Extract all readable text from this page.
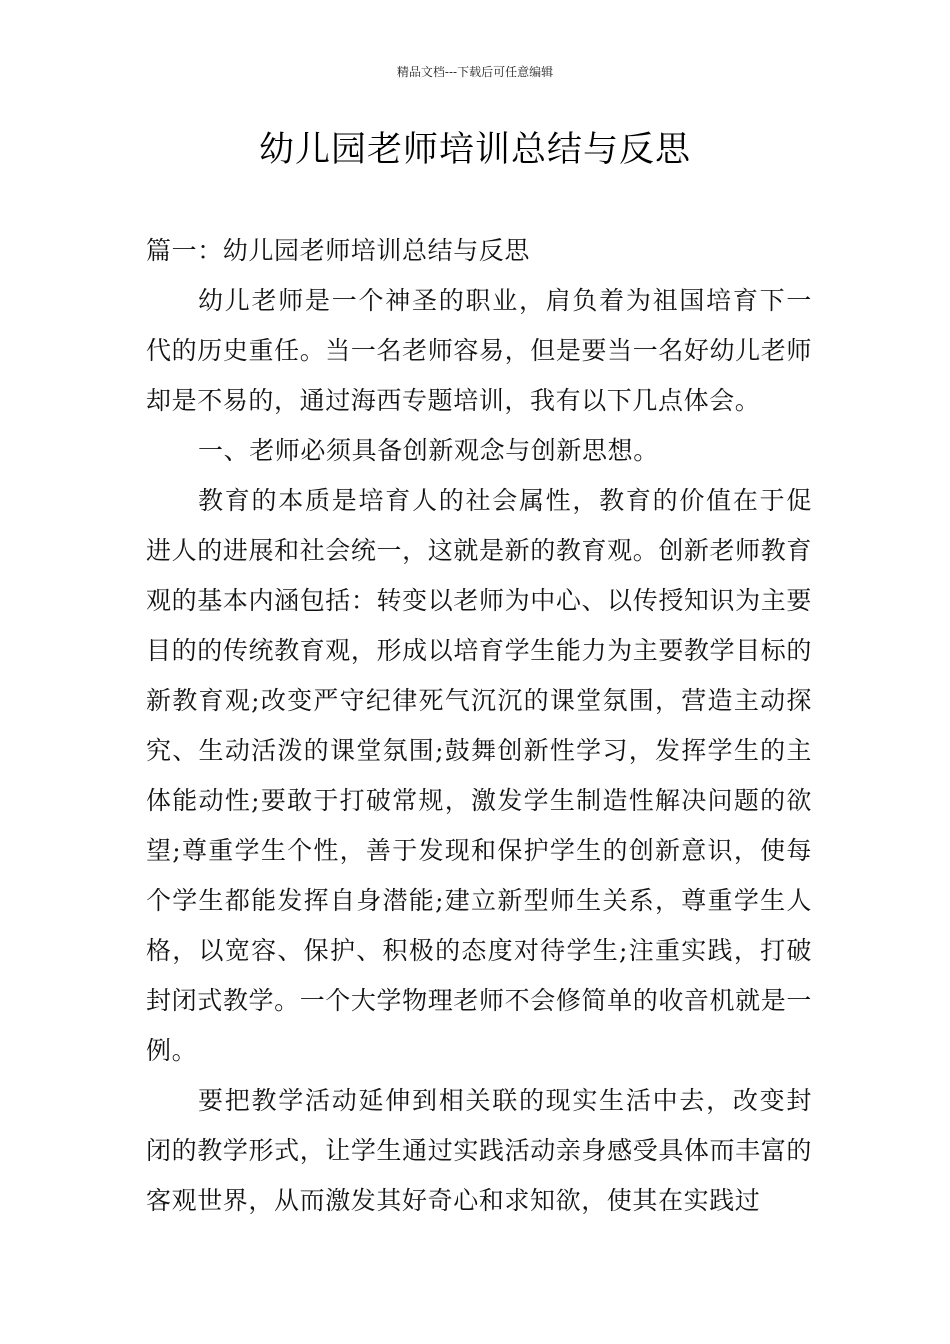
精品文档---下载后可任意编辑
幼儿园老师培训总结与反思

篇一：幼儿园老师培训总结与反思

幼儿老师是一个神圣的职业，肩负着为祖国培育下一代的历史重任。当一名老师容易，但是要当一名好幼儿老师却是不易的，通过海西专题培训，我有以下几点体会。

一、老师必须具备创新观念与创新思想。

教育的本质是培育人的社会属性，教育的价值在于促进人的进展和社会统一，这就是新的教育观。创新老师教育观的基本内涵包括：转变以老师为中心、以传授知识为主要目的的传统教育观，形成以培育学生能力为主要教学目标的新教育观;改变严守纪律死气沉沉的课堂氛围，营造主动探究、生动活泼的课堂氛围;鼓舞创新性学习，发挥学生的主体能动性;要敢于打破常规，激发学生制造性解决问题的欲望;尊重学生个性，善于发现和保护学生的创新意识，使每个学生都能发挥自身潜能;建立新型师生关系，尊重学生人格，以宽容、保护、积极的态度对待学生;注重实践，打破封闭式教学。一个大学物理老师不会修简单的收音机就是一例。

要把教学活动延伸到相关联的现实生活中去，改变封闭的教学形式，让学生通过实践活动亲身感受具体而丰富的客观世界，从而激发其好奇心和求知欲，使其在实践过
